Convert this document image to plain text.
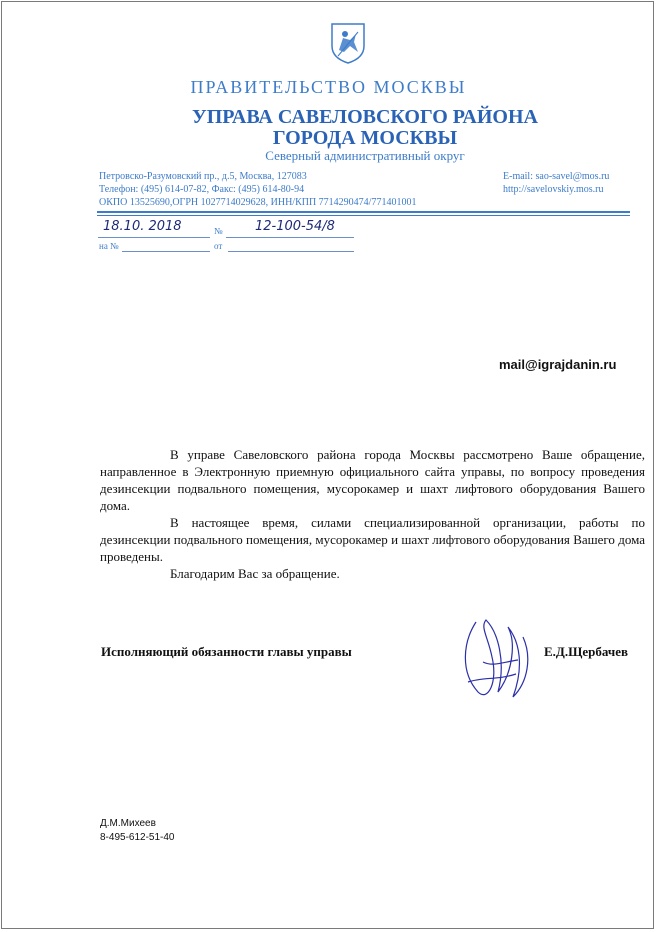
ПРАВИТЕЛЬСТВО МОСКВЫ
УПРАВА САВЕЛОВСКОГО РАЙОНА
ГОРОДА МОСКВЫ
Северный административный округ
Петровско-Разумовский пр., д.5, Москва, 127083
Телефон: (495) 614-07-82, Факс: (495) 614-80-94
ОКПО 13525690,ОГРН 1027714029628, ИНН/КПП 7714290474/771401001
E-mail: sao-savel@mos.ru
http://savelovskiy.mos.ru
№
18.10. 2018	12-100-54/8
на №	от
mail@igrajdanin.ru

В управе Савеловского района города Москвы рассмотрено Ваше обращение, направленное в Электронную приемную официального сайта управы, по вопросу проведения дезинсекции подвального помещения, мусорокамер и шахт лифтового оборудования Вашего дома.

В настоящее время, силами специализированной организации, работы по дезинсекции подвального помещения, мусорокамер и шахт лифтового оборудования Вашего дома проведены.

Благодарим Вас за обращение.

Исполняющий обязанности главы управы	Е.Д.Щербачев
Д.М.Михеев
8-495-612-51-40
